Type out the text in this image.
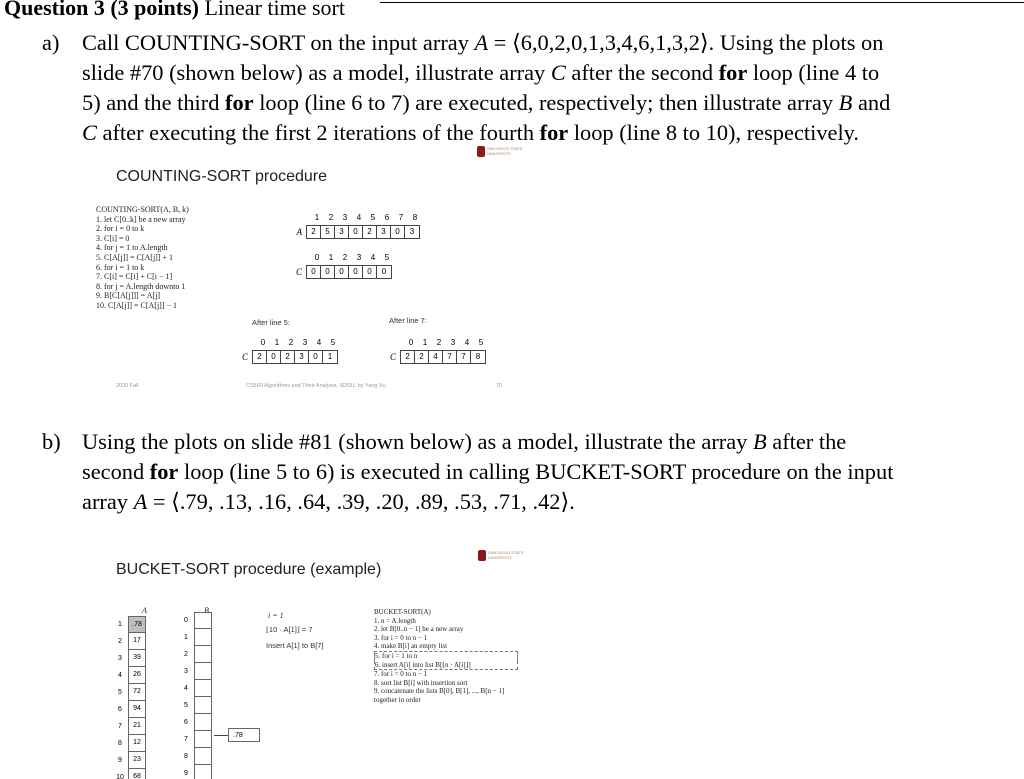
Question 3 (3 points) Linear time sort
a) Call COUNTING-SORT on the input array A = ⟨6,0,2,0,1,3,4,6,1,3,2⟩. Using the plots on
slide #70 (shown below) as a model, illustrate array C after the second for loop (line 4 to
5) and the third for loop (line 6 to 7) are executed, respectively; then illustrate array B and
C after executing the first 2 iterations of the fourth for loop (line 8 to 10), respectively.
SAN DIEGO STATE
UNIVERSITY
COUNTING-SORT procedure
COUNTING-SORT(A, B, k)
1. let C[0..k] be a new array
2. for i = 0 to k
3. C[i] = 0
4. for j = 1 to A.length
5. C[A[j]] = C[A[j]] + 1
6. for i = 1 to k
7. C[i] = C[i] + C[i − 1]
8. for j = A.length downto 1
9. B[C[A[j]]] = A[j]
10. C[A[j]] = C[A[j]] − 1
1	2	3	4	5	6	7	8
A	2	5	3	0	2	3	0	3
0	1	2	3	4	5
C	0	0	0	0	0	0
After line 5:
0	1	2	3	4	5
C	2	0	2	3	0	1
After line 7:
0	1	2	3	4	5
C	2	2	4	7	7	8
2020 Fall	CS560 Algorithms and Their Analysis, SDSU, by Yang Xu	70
b) Using the plots on slide #81 (shown below) as a model, illustrate the array B after the
second for loop (line 5 to 6) is executed in calling BUCKET-SORT procedure on the input
array A = ⟨.79, .13, .16, .64, .39, .20, .89, .53, .71, .42⟩.
SAN DIEGO STATE
UNIVERSITY
BUCKET-SORT procedure (example)
A
1	.78
2	17
3	39
4	26
5	72
6	94
7	21
8	12
9	23
10	68
B
0
1
2
3
4
5
6
7
8
9
.78
i = 1
⌊10 · A[1]⌋ = 7
Insert A[1] to B[7]
BUCKET-SORT(A)
1. n = A.length
2. let B[0..n − 1] be a new array
3. for i = 0 to n − 1
4. make B[i] an empty list
5. for i = 1 to n
6. insert A[i] into list B[⌊n · A[i]⌋]
7. for i = 0 to n − 1
8. sort list B[i] with insertion sort
9. concatenate the lists B[0], B[1], ..., B[n − 1]
together in order
